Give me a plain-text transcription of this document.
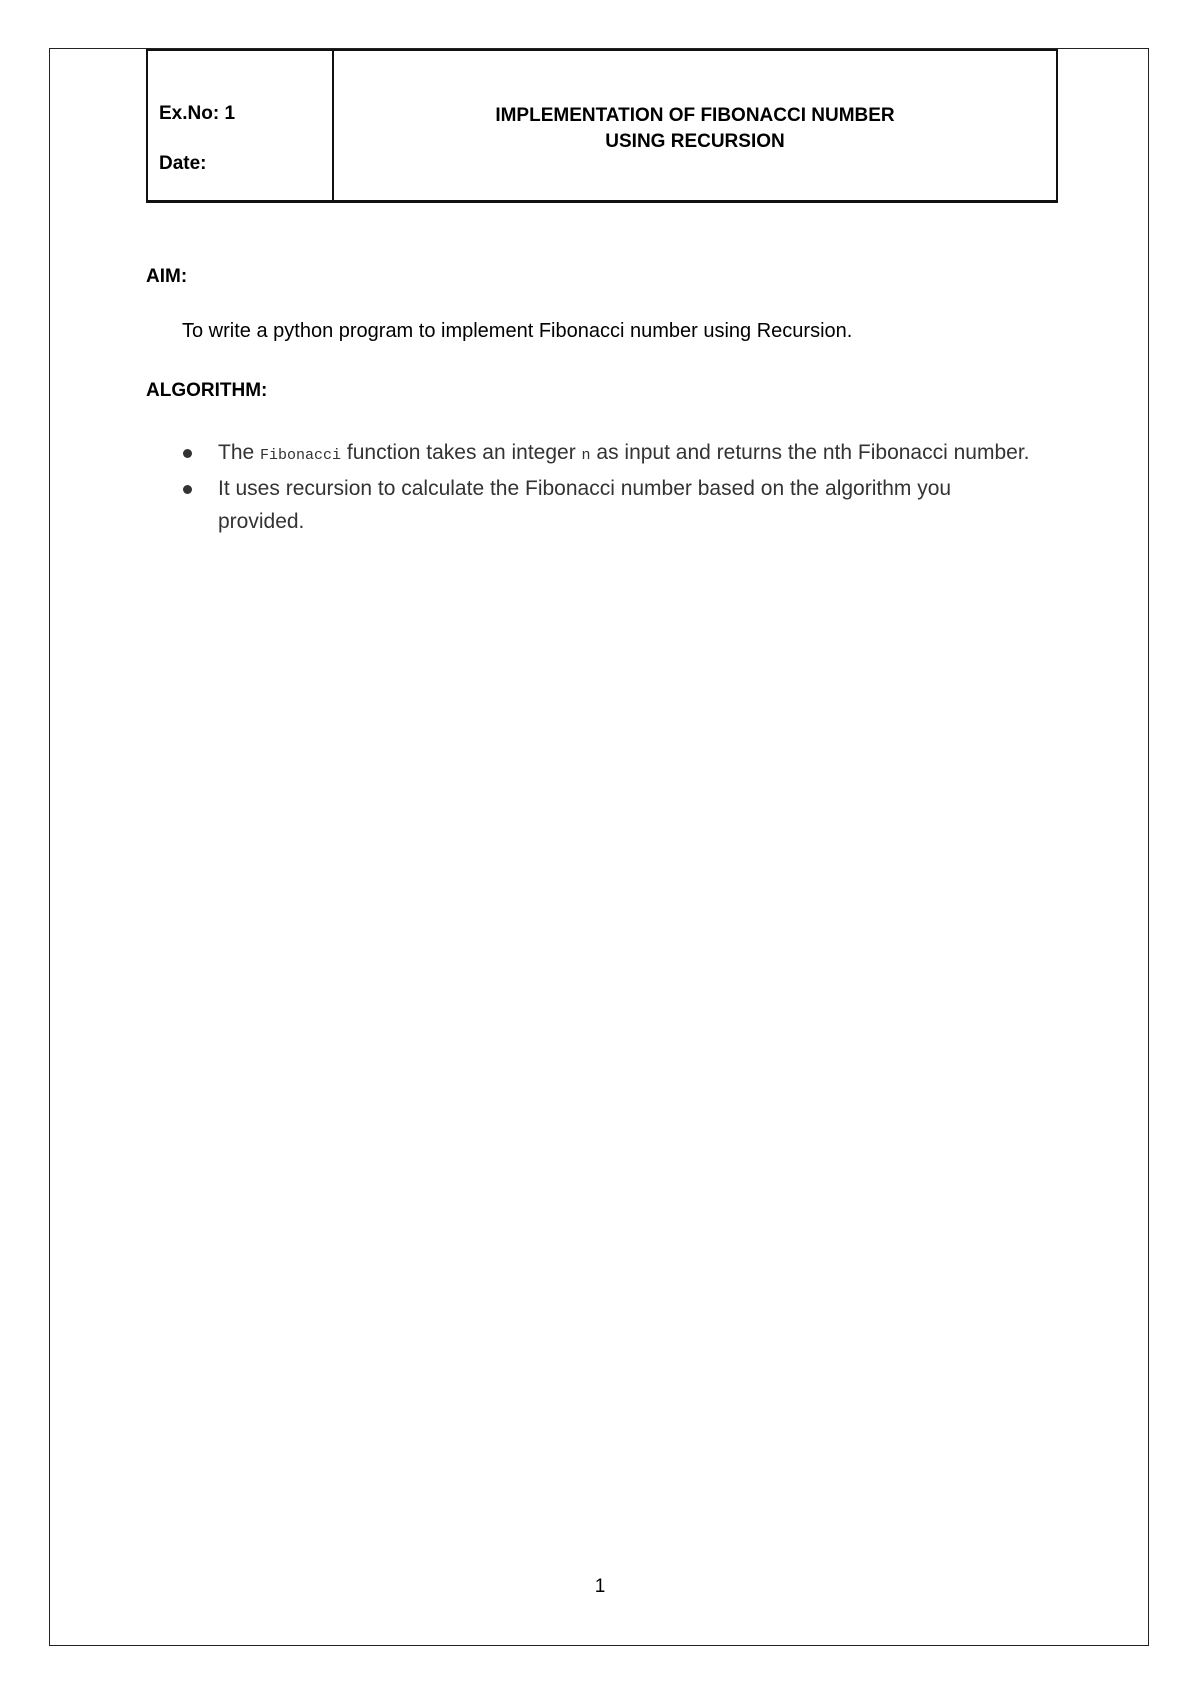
Ex.No: 1
Date:
IMPLEMENTATION OF FIBONACCI NUMBER
USING RECURSION
AIM:
To write a python program to implement Fibonacci number using Recursion.
ALGORITHM:
The Fibonacci function takes an integer n as input and returns the nth Fibonacci number.
It uses recursion to calculate the Fibonacci number based on the algorithm you provided.
1
